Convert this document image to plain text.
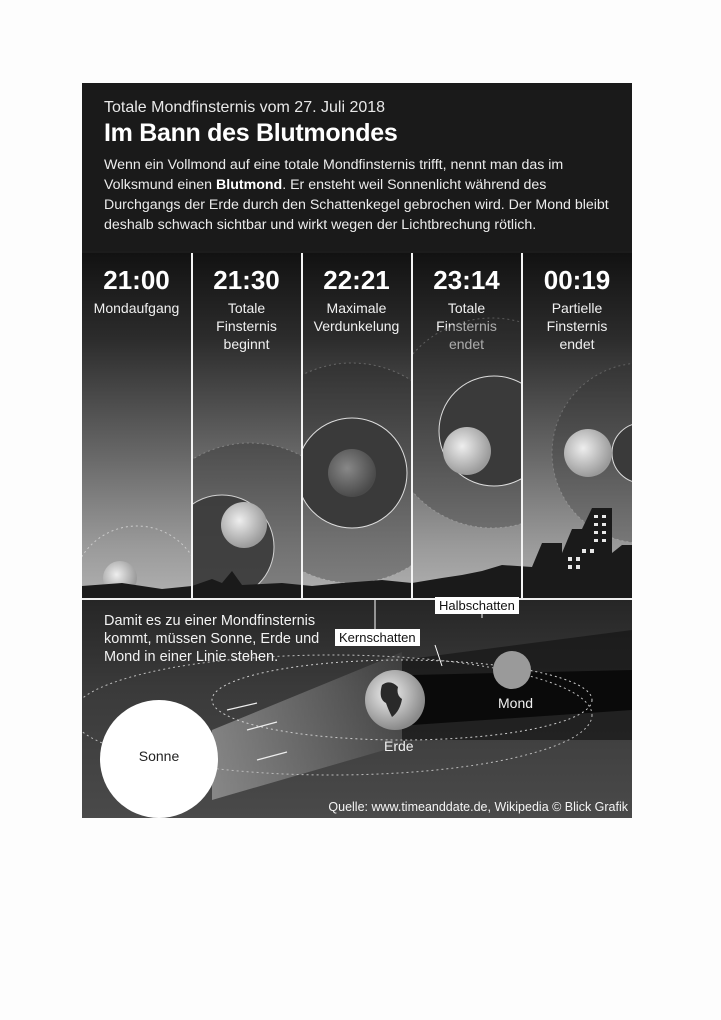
Totale Mondfinsternis vom 27. Juli 2018
Im Bann des Blutmondes
Wenn ein Vollmond auf eine totale Mondfinsternis trifft, nennt man das im Volksmund einen Blutmond. Er ensteht weil Sonnenlicht während des Durchgangs der Erde durch den Schattenkegel gebrochen wird. Der Mond bleibt deshalb schwach sichtbar und wirkt wegen der Lichtbrechung rötlich.
21:00
Mondaufgang
21:30
Totale
Finsternis
beginnt
22:21
Maximale
Verdunkelung
23:14
Totale
Finsternis
endet
00:19
Partielle
Finsternis
endet
Damit es zu einer Mondfinsternis kommt, müssen Sonne, Erde und Mond in einer Linie stehen.
Halbschatten
Kernschatten
Mond
Erde
Sonne
Quelle: www.timeanddate.de, Wikipedia © Blick Grafik
